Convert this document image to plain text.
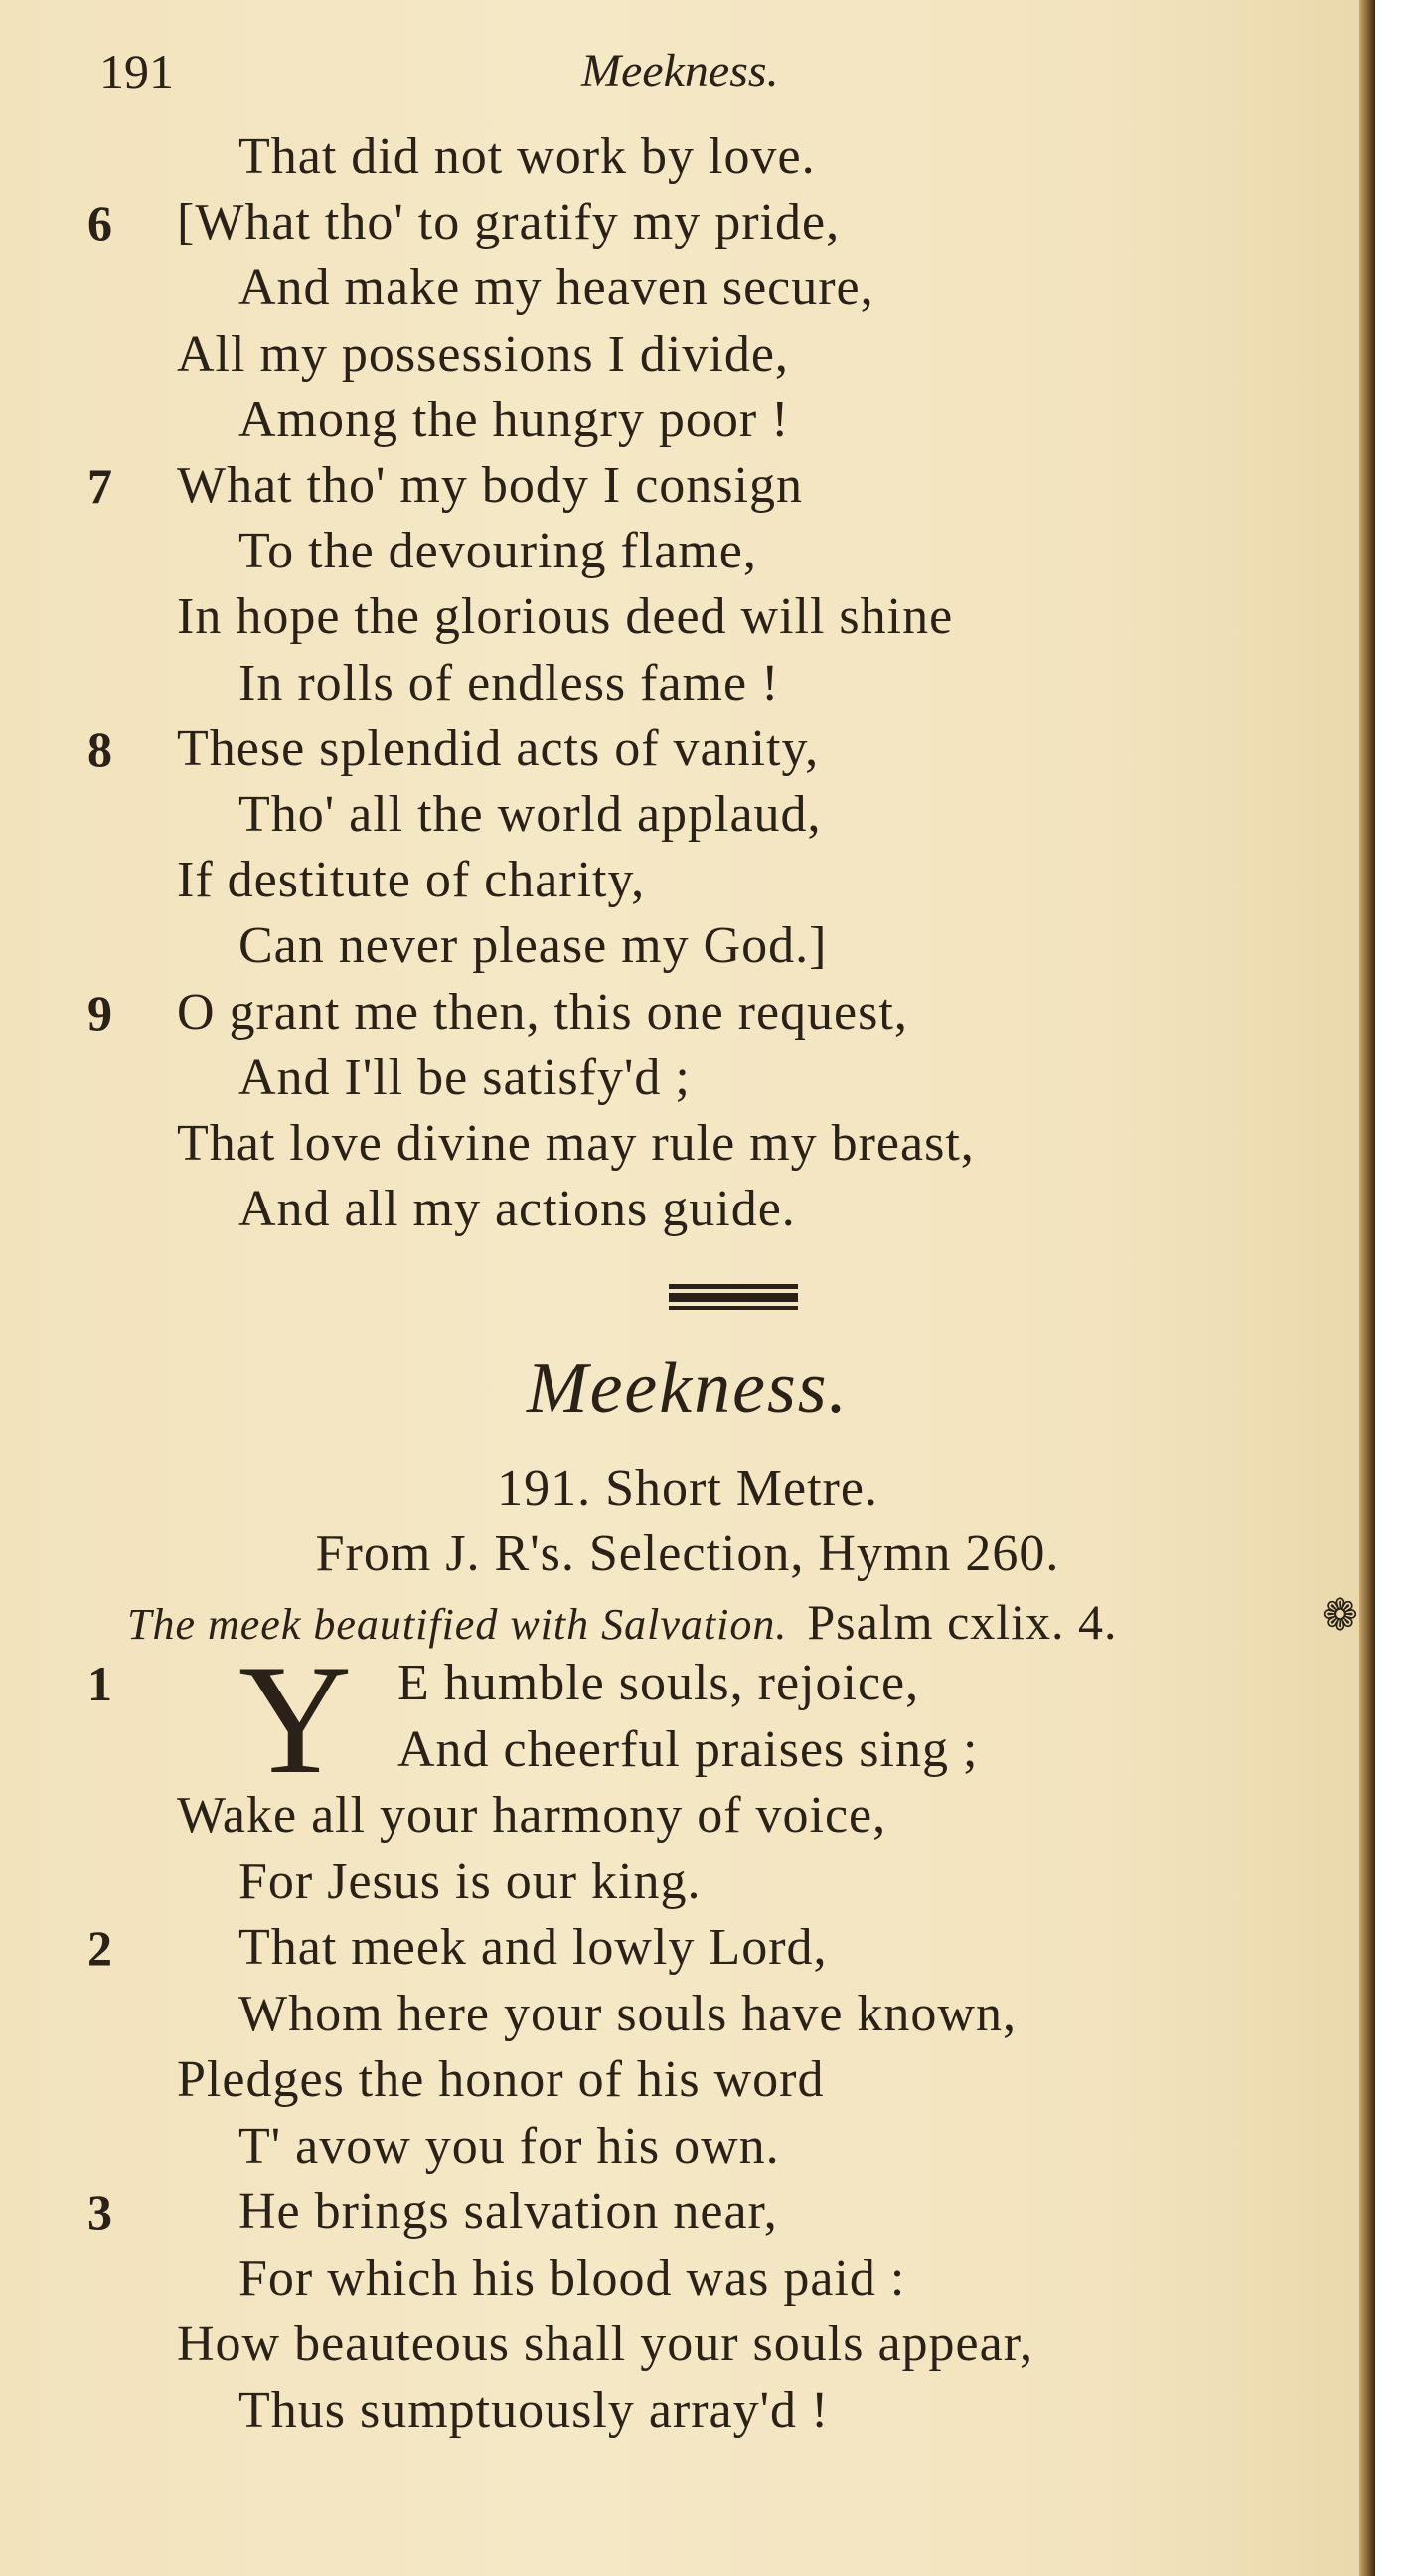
191	Meekness.
That did not work by love.
6 [What tho' to gratify my pride,
And make my heaven secure,
All my possessions I divide,
Among the hungry poor !
7 What tho' my body I consign
To the devouring flame,
In hope the glorious deed will shine
In rolls of endless fame !
8 These splendid acts of vanity,
Tho' all the world applaud,
If destitute of charity,
Can never please my God.]
9 O grant me then, this one request,
And I'll be satisfy'd ;
That love divine may rule my breast,
And all my actions guide.
Meekness.
191. Short Metre.
From J. R's. Selection, Hymn 260.
The meek beautified with Salvation. Psalm cxlix. 4.	❁
Y
1	E humble souls, rejoice,
And cheerful praises sing ;
Wake all your harmony of voice,
For Jesus is our king.
2 That meek and lowly Lord,
Whom here your souls have known,
Pledges the honor of his word
T' avow you for his own.
3 He brings salvation near,
For which his blood was paid :
How beauteous shall your souls appear,
Thus sumptuously array'd !
